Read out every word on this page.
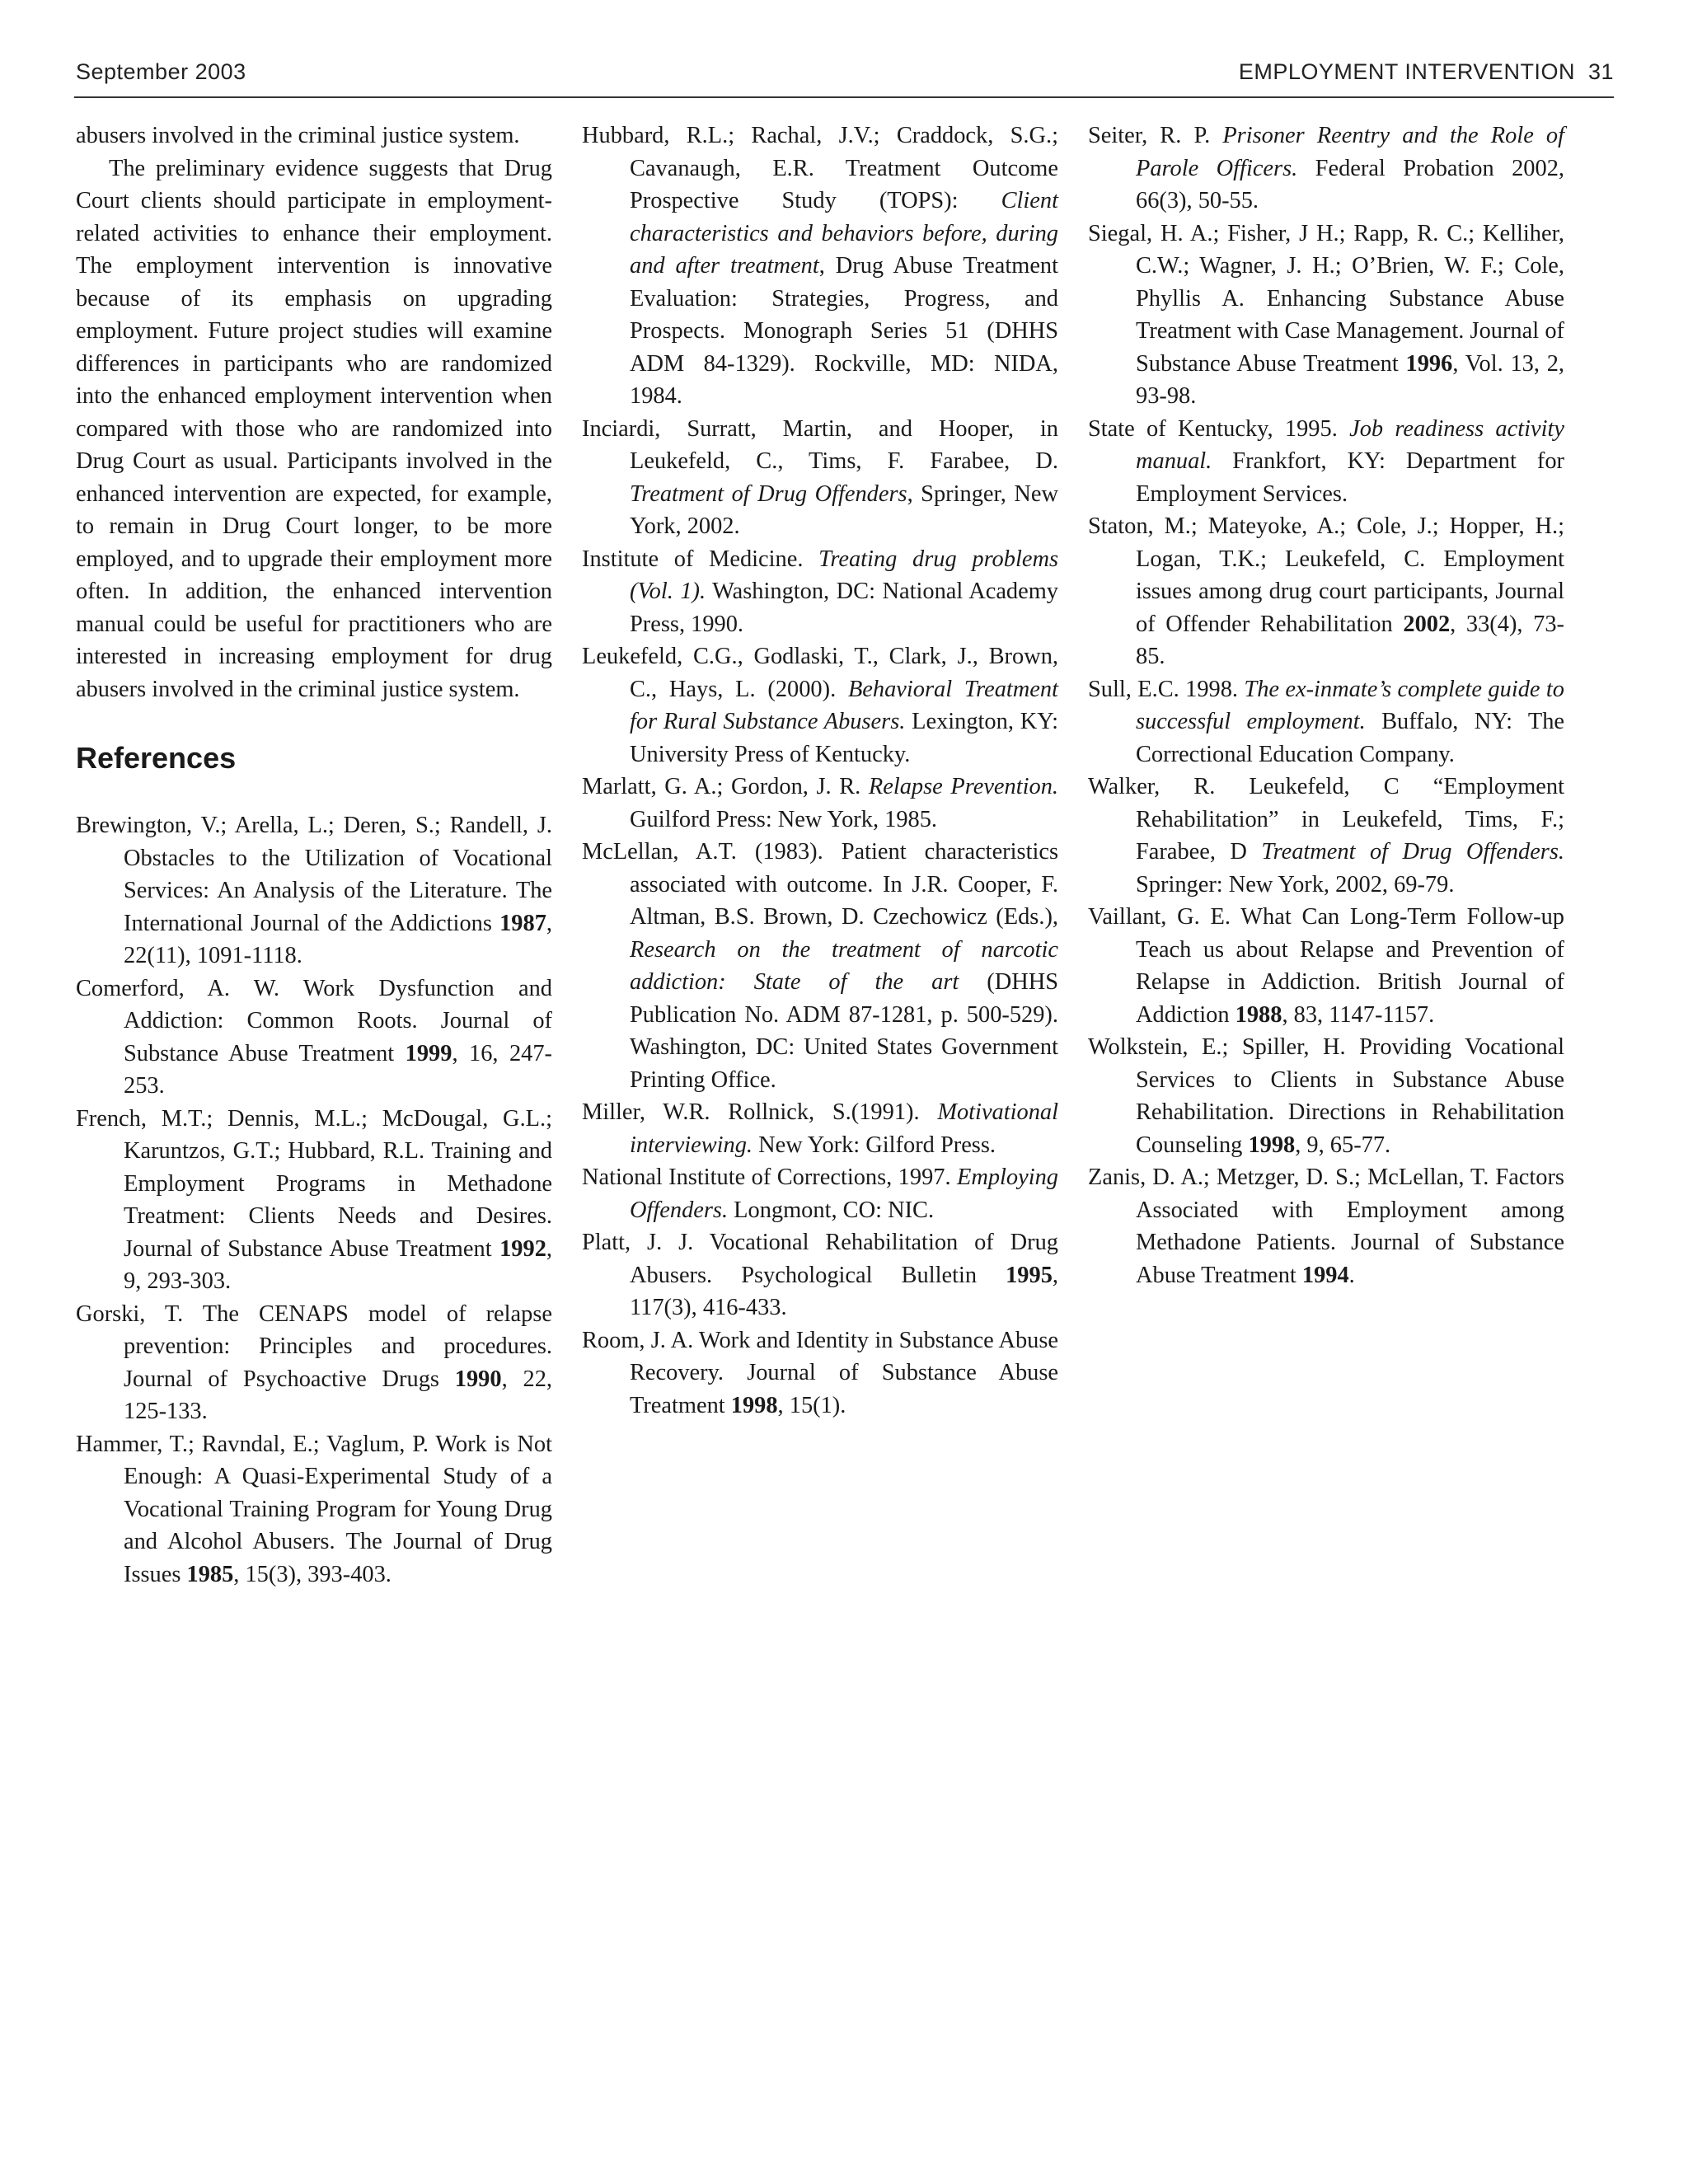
September 2003	EMPLOYMENT INTERVENTION 31

abusers involved in the criminal justice system.

The preliminary evidence suggests that Drug Court clients should participate in employment-related activities to enhance their employment. The employment intervention is innovative because of its emphasis on upgrading employment. Future project studies will examine differences in participants who are randomized into the enhanced employment intervention when compared with those who are randomized into Drug Court as usual. Participants involved in the enhanced intervention are expected, for example, to remain in Drug Court longer, to be more employed, and to upgrade their employment more often. In addition, the enhanced intervention manual could be useful for practitioners who are interested in increasing employment for drug abusers involved in the criminal justice system.

References

Brewington, V.; Arella, L.; Deren, S.; Randell, J. Obstacles to the Utilization of Vocational Services: An Analysis of the Literature. The International Journal of the Addictions 1987, 22(11), 1091-1118.

Comerford, A. W. Work Dysfunction and Addiction: Common Roots. Journal of Substance Abuse Treatment 1999, 16, 247-253.

French, M.T.; Dennis, M.L.; McDougal, G.L.; Karuntzos, G.T.; Hubbard, R.L. Training and Employment Programs in Methadone Treatment: Clients Needs and Desires. Journal of Substance Abuse Treatment 1992, 9, 293-303.

Gorski, T. The CENAPS model of relapse prevention: Principles and procedures. Journal of Psychoactive Drugs 1990, 22, 125-133.

Hammer, T.; Ravndal, E.; Vaglum, P. Work is Not Enough: A Quasi-Experimental Study of a Vocational Training Program for Young Drug and Alcohol Abusers. The Journal of Drug Issues 1985, 15(3), 393-403.

Hubbard, R.L.; Rachal, J.V.; Craddock, S.G.; Cavanaugh, E.R. Treatment Outcome Prospective Study (TOPS): Client characteristics and behaviors before, during and after treatment, Drug Abuse Treatment Evaluation: Strategies, Progress, and Prospects. Monograph Series 51 (DHHS ADM 84-1329). Rockville, MD: NIDA, 1984.

Inciardi, Surratt, Martin, and Hooper, in Leukefeld, C., Tims, F. Farabee, D. Treatment of Drug Offenders, Springer, New York, 2002.

Institute of Medicine. Treating drug problems (Vol. 1). Washington, DC: National Academy Press, 1990.

Leukefeld, C.G., Godlaski, T., Clark, J., Brown, C., Hays, L. (2000). Behavioral Treatment for Rural Substance Abusers. Lexington, KY: University Press of Kentucky.

Marlatt, G. A.; Gordon, J. R. Relapse Prevention. Guilford Press: New York, 1985.

McLellan, A.T. (1983). Patient characteristics associated with outcome. In J.R. Cooper, F. Altman, B.S. Brown, D. Czechowicz (Eds.), Research on the treatment of narcotic addiction: State of the art (DHHS Publication No. ADM 87-1281, p. 500-529). Washington, DC: United States Government Printing Office.

Miller, W.R. Rollnick, S.(1991). Motivational interviewing. New York: Gilford Press.

National Institute of Corrections, 1997. Employing Offenders. Longmont, CO: NIC.

Platt, J. J. Vocational Rehabilitation of Drug Abusers. Psychological Bulletin 1995, 117(3), 416-433.

Room, J. A. Work and Identity in Substance Abuse Recovery. Journal of Substance Abuse Treatment 1998, 15(1).

Seiter, R. P. Prisoner Reentry and the Role of Parole Officers. Federal Probation 2002, 66(3), 50-55.

Siegal, H. A.; Fisher, J H.; Rapp, R. C.; Kelliher, C.W.; Wagner, J. H.; O’Brien, W. F.; Cole, Phyllis A. Enhancing Substance Abuse Treatment with Case Management. Journal of Substance Abuse Treatment 1996, Vol. 13, 2, 93-98.

State of Kentucky, 1995. Job readiness activity manual. Frankfort, KY: Department for Employment Services.

Staton, M.; Mateyoke, A.; Cole, J.; Hopper, H.; Logan, T.K.; Leukefeld, C. Employment issues among drug court participants, Journal of Offender Rehabilitation 2002, 33(4), 73-85.

Sull, E.C. 1998. The ex-inmate’s complete guide to successful employment. Buffalo, NY: The Correctional Education Company.

Walker, R. Leukefeld, C “Employment Rehabilitation” in Leukefeld, Tims, F.; Farabee, D Treatment of Drug Offenders. Springer: New York, 2002, 69-79.

Vaillant, G. E. What Can Long-Term Follow-up Teach us about Relapse and Prevention of Relapse in Addiction. British Journal of Addiction 1988, 83, 1147-1157.

Wolkstein, E.; Spiller, H. Providing Vocational Services to Clients in Substance Abuse Rehabilitation. Directions in Rehabilitation Counseling 1998, 9, 65-77.

Zanis, D. A.; Metzger, D. S.; McLellan, T. Factors Associated with Employment among Methadone Patients. Journal of Substance Abuse Treatment 1994.
